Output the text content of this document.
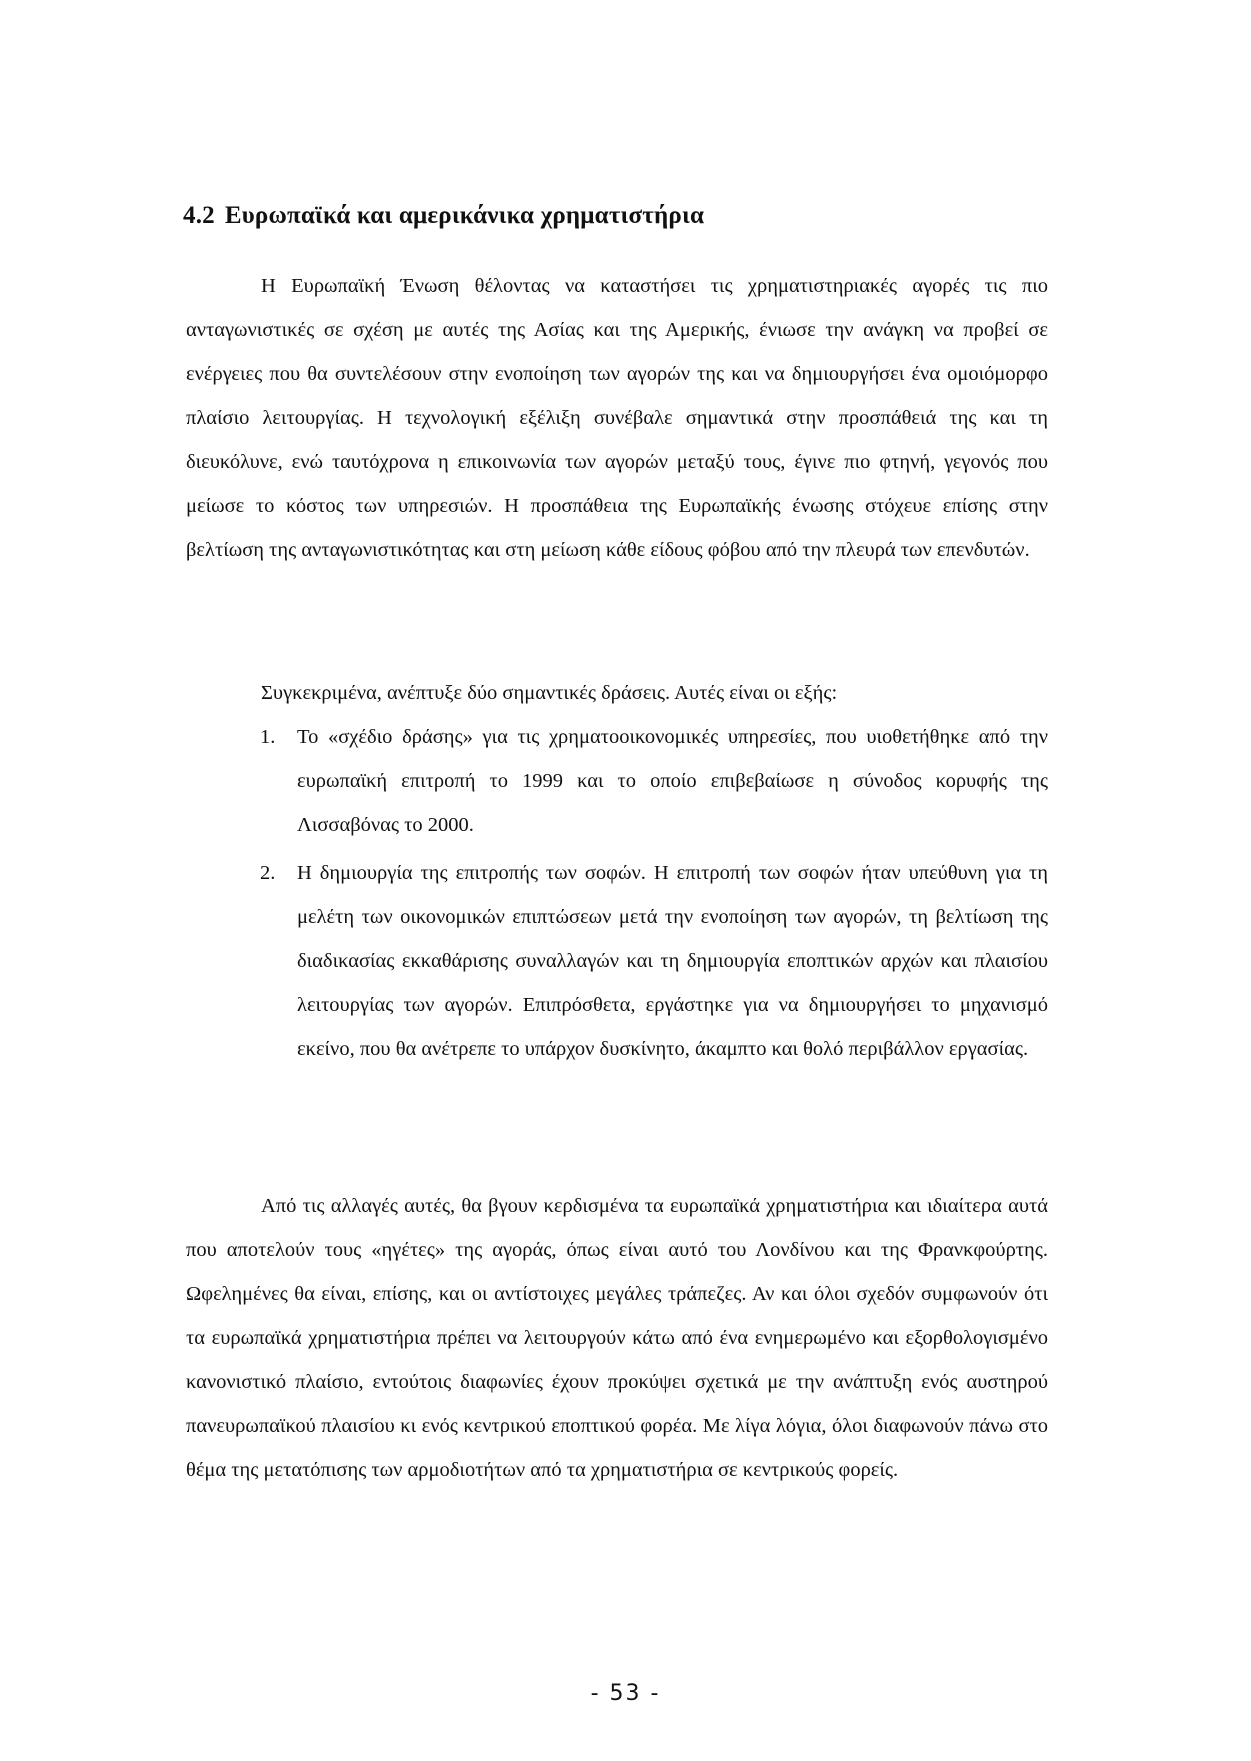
4.2 Ευρωπαϊκά και αμερικάνικα χρηματιστήρια

Η Ευρωπαϊκή Ένωση θέλοντας να καταστήσει τις χρηματιστηριακές αγορές τις πιο ανταγωνιστικές σε σχέση με αυτές της Ασίας και της Αμερικής, ένιωσε την ανάγκη να προβεί σε ενέργειες που θα συντελέσουν στην ενοποίηση των αγορών της και να δημιουργήσει ένα ομοιόμορφο πλαίσιο λειτουργίας. Η τεχνολογική εξέλιξη συνέβαλε σημαντικά στην προσπάθειά της και τη διευκόλυνε, ενώ ταυτόχρονα η επικοινωνία των αγορών μεταξύ τους, έγινε πιο φτηνή, γεγονός που μείωσε το κόστος των υπηρεσιών. Η προσπάθεια της Ευρωπαϊκής ένωσης στόχευε επίσης στην βελτίωση της ανταγωνιστικότητας και στη μείωση κάθε είδους φόβου από την πλευρά των επενδυτών.

Συγκεκριμένα, ανέπτυξε δύο σημαντικές δράσεις. Αυτές είναι οι εξής:

1. Το «σχέδιο δράσης» για τις χρηματοοικονομικές υπηρεσίες, που υιοθετήθηκε από την ευρωπαϊκή επιτροπή το 1999 και το οποίο επιβεβαίωσε η σύνοδος κορυφής της Λισσαβόνας το 2000.

2. Η δημιουργία της επιτροπής των σοφών. Η επιτροπή των σοφών ήταν υπεύθυνη για τη μελέτη των οικονομικών επιπτώσεων μετά την ενοποίηση των αγορών, τη βελτίωση της διαδικασίας εκκαθάρισης συναλλαγών και τη δημιουργία εποπτικών αρχών και πλαισίου λειτουργίας των αγορών. Επιπρόσθετα, εργάστηκε για να δημιουργήσει το μηχανισμό εκείνο, που θα ανέτρεπε το υπάρχον δυσκίνητο, άκαμπτο και θολό περιβάλλον εργασίας.

Από τις αλλαγές αυτές, θα βγουν κερδισμένα τα ευρωπαϊκά χρηματιστήρια και ιδιαίτερα αυτά που αποτελούν τους «ηγέτες» της αγοράς, όπως είναι αυτό του Λονδίνου και της Φρανκφούρτης. Ωφελημένες θα είναι, επίσης, και οι αντίστοιχες μεγάλες τράπεζες. Αν και όλοι σχεδόν συμφωνούν ότι τα ευρωπαϊκά χρηματιστήρια πρέπει να λειτουργούν κάτω από ένα ενημερωμένο και εξορθολογισμένο κανονιστικό πλαίσιο, εντούτοις διαφωνίες έχουν προκύψει σχετικά με την ανάπτυξη ενός αυστηρού πανευρωπαϊκού πλαισίου κι ενός κεντρικού εποπτικού φορέα. Με λίγα λόγια, όλοι διαφωνούν πάνω στο θέμα της μετατόπισης των αρμοδιοτήτων από τα χρηματιστήρια σε κεντρικούς φορείς.

- 53 -
